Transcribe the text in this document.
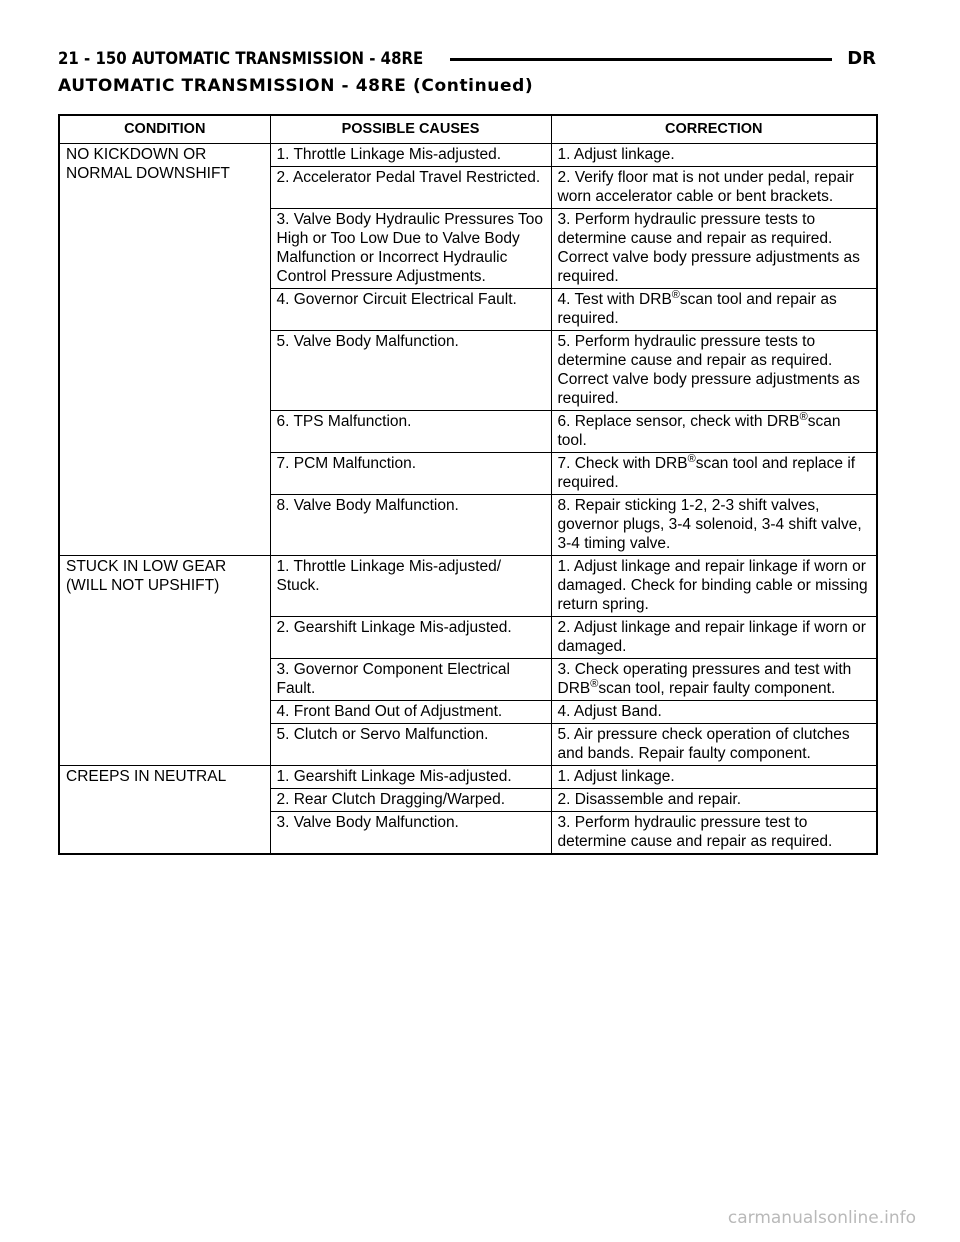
21 - 150 AUTOMATIC TRANSMISSION - 48RE	DR
AUTOMATIC TRANSMISSION - 48RE (Continued)
CONDITION	POSSIBLE CAUSES	CORRECTION
NO KICKDOWN OR NORMAL DOWNSHIFT	1. Throttle Linkage Mis-adjusted.	1. Adjust linkage.
	2. Accelerator Pedal Travel Restricted.	2. Verify floor mat is not under pedal, repair worn accelerator cable or bent brackets.
	3. Valve Body Hydraulic Pressures Too High or Too Low Due to Valve Body Malfunction or Incorrect Hydraulic Control Pressure Adjustments.	3. Perform hydraulic pressure tests to determine cause and repair as required. Correct valve body pressure adjustments as required.
	4. Governor Circuit Electrical Fault.	4. Test with DRB®scan tool and repair as required.
	5. Valve Body Malfunction.	5. Perform hydraulic pressure tests to determine cause and repair as required. Correct valve body pressure adjustments as required.
	6. TPS Malfunction.	6. Replace sensor, check with DRB®scan tool.
	7. PCM Malfunction.	7. Check with DRB®scan tool and replace if required.
	8. Valve Body Malfunction.	8. Repair sticking 1-2, 2-3 shift valves, governor plugs, 3-4 solenoid, 3-4 shift valve, 3-4 timing valve.
STUCK IN LOW GEAR (WILL NOT UPSHIFT)	1. Throttle Linkage Mis-adjusted/ Stuck.	1. Adjust linkage and repair linkage if worn or damaged. Check for binding cable or missing return spring.
	2. Gearshift Linkage Mis-adjusted.	2. Adjust linkage and repair linkage if worn or damaged.
	3. Governor Component Electrical Fault.	3. Check operating pressures and test with DRB®scan tool, repair faulty component.
	4. Front Band Out of Adjustment.	4. Adjust Band.
	5. Clutch or Servo Malfunction.	5. Air pressure check operation of clutches and bands. Repair faulty component.
CREEPS IN NEUTRAL	1. Gearshift Linkage Mis-adjusted.	1. Adjust linkage.
	2. Rear Clutch Dragging/Warped.	2. Disassemble and repair.
	3. Valve Body Malfunction.	3. Perform hydraulic pressure test to determine cause and repair as required.
carmanualsonline.info
